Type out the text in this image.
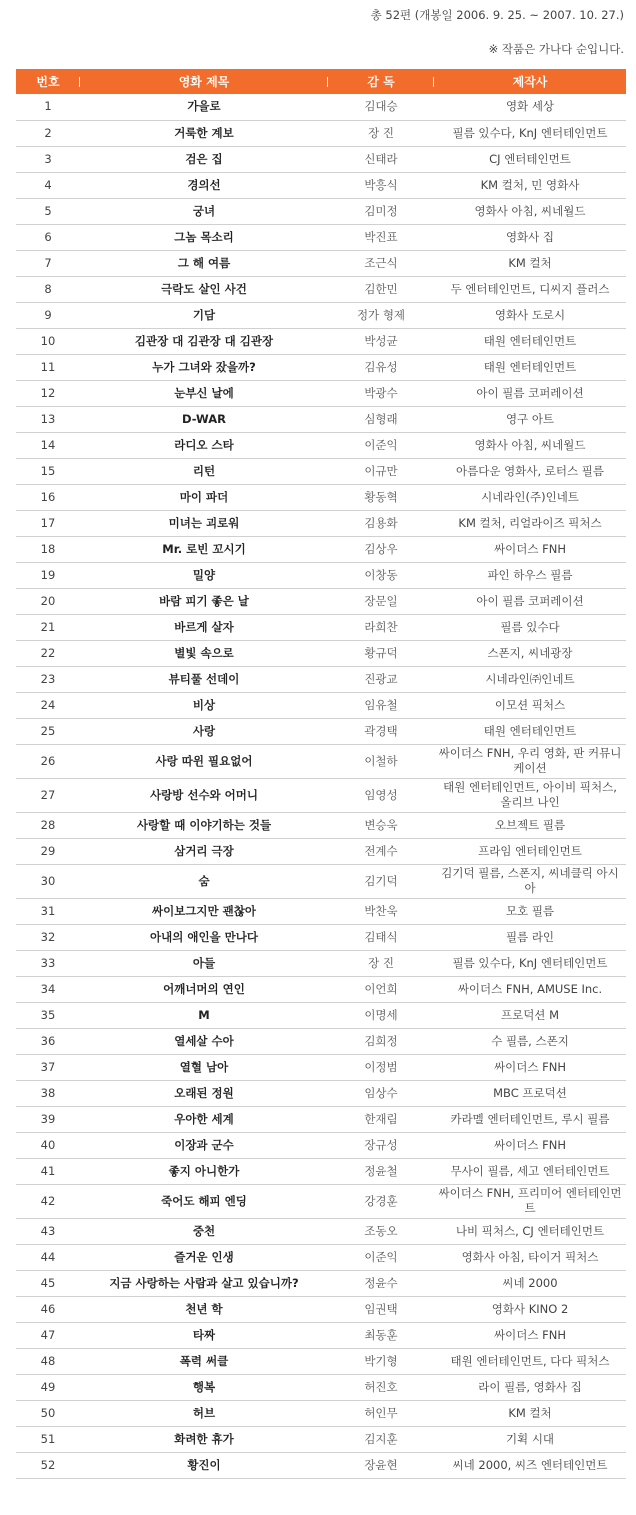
총 52편 (개봉일 2006. 9. 25. ~ 2007. 10. 27.)
※ 작품은 가나다 순입니다.
번호	영화 제목	감 독	제작사
1	가을로	김대승	영화 세상
2	거룩한 계보	장 진	필름 있수다, KnJ 엔터테인먼트
3	검은 집	신태라	CJ 엔터테인먼트
4	경의선	박흥식	KM 컬처, 민 영화사
5	궁녀	김미정	영화사 아침, 씨네월드
6	그놈 목소리	박진표	영화사 집
7	그 해 여름	조근식	KM 컬처
8	극락도 살인 사건	김한민	두 엔터테인먼트, 디씨지 플러스
9	기담	정가 형제	영화사 도로시
10	김관장 대 김관장 대 김관장	박성균	태원 엔터테인먼트
11	누가 그녀와 잤을까?	김유성	태원 엔터테인먼트
12	눈부신 날에	박광수	아이 필름 코퍼레이션
13	D-WAR	심형래	영구 아트
14	라디오 스타	이준익	영화사 아침, 씨네월드
15	리턴	이규만	아름다운 영화사, 로터스 필름
16	마이 파더	황동혁	시네라인(주)인네트
17	미녀는 괴로워	김용화	KM 컬처, 리얼라이즈 픽처스
18	Mr. 로빈 꼬시기	김상우	싸이더스 FNH
19	밀양	이창동	파인 하우스 필름
20	바람 피기 좋은 날	장문일	아이 필름 코퍼레이션
21	바르게 살자	라희찬	필름 있수다
22	별빛 속으로	황규덕	스폰지, 씨네광장
23	뷰티풀 선데이	진광교	시네라인㈜인네트
24	비상	임유철	이모션 픽처스
25	사랑	곽경택	태원 엔터테인먼트
26	사랑 따윈 필요없어	이철하	싸이더스 FNH, 우리 영화, 판 커뮤니케이션
27	사랑방 선수와 어머니	임영성	태원 엔터테인먼트, 아이비 픽처스, 올리브 나인
28	사랑할 때 이야기하는 것들	변승욱	오브젝트 필름
29	삼거리 극장	전계수	프라임 엔터테인먼트
30	숨	김기덕	김기덕 필름, 스폰지, 씨네클릭 아시아
31	싸이보그지만 괜찮아	박찬욱	모호 필름
32	아내의 애인을 만나다	김태식	필름 라인
33	아들	장 진	필름 있수다, KnJ 엔터테인먼트
34	어깨너머의 연인	이언희	싸이더스 FNH, AMUSE Inc.
35	M	이명세	프로덕션 M
36	열세살 수아	김희정	수 필름, 스폰지
37	열혈 남아	이정범	싸이더스 FNH
38	오래된 정원	임상수	MBC 프로덕션
39	우아한 세계	한재림	카라멜 엔터테인먼트, 루시 필름
40	이장과 군수	장규성	싸이더스 FNH
41	좋지 아니한가	정윤철	무사이 필름, 세고 엔터테인먼트
42	죽어도 해피 엔딩	강경훈	싸이더스 FNH, 프리미어 엔터테인먼트
43	중천	조동오	나비 픽처스, CJ 엔터테인먼트
44	즐거운 인생	이준익	영화사 아침, 타이거 픽처스
45	지금 사랑하는 사람과 살고 있습니까?	정윤수	씨네 2000
46	천년 학	임권택	영화사 KINO 2
47	타짜	최동훈	싸이더스 FNH
48	폭력 써클	박기형	태원 엔터테인먼트, 다다 픽처스
49	행복	허진호	라이 필름, 영화사 집
50	허브	허인무	KM 컬처
51	화려한 휴가	김지훈	기획 시대
52	황진이	장윤현	씨네 2000, 씨즈 엔터테인먼트
